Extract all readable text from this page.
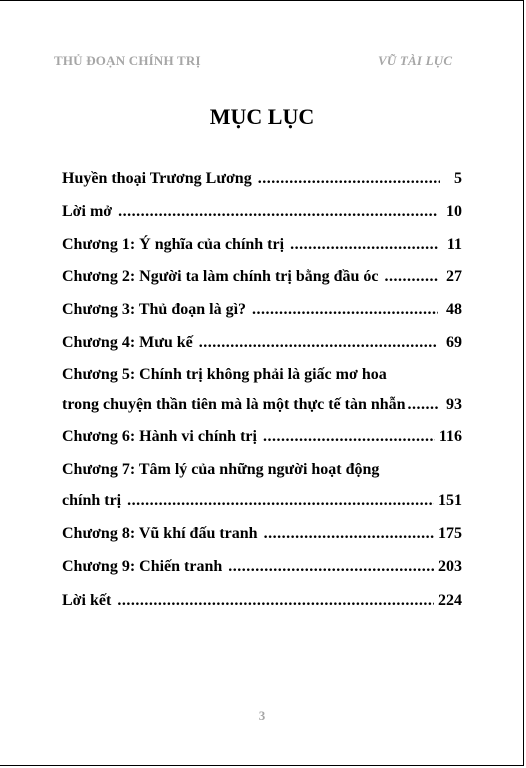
THỦ ĐOẠN CHÍNH TRỊ	VŨ TÀI LỤC
MỤC LỤC
Huyền thoại Trương Lương .....	5
Lời mở .....	10
Chương 1: Ý nghĩa của chính trị .....	11
Chương 2: Người ta làm chính trị bằng đầu óc .....	27
Chương 3: Thủ đoạn là gì? .....	48
Chương 4: Mưu kế .....	69
Chương 5: Chính trị không phải là giấc mơ hoa
trong chuyện thần tiên mà là một thực tế tàn nhẫn .....	93
Chương 6: Hành vi chính trị .....	116
Chương 7: Tâm lý của những người hoạt động
chính trị .....	151
Chương 8: Vũ khí đấu tranh .....	175
Chương 9: Chiến tranh .....	203
Lời kết .....	224
3
